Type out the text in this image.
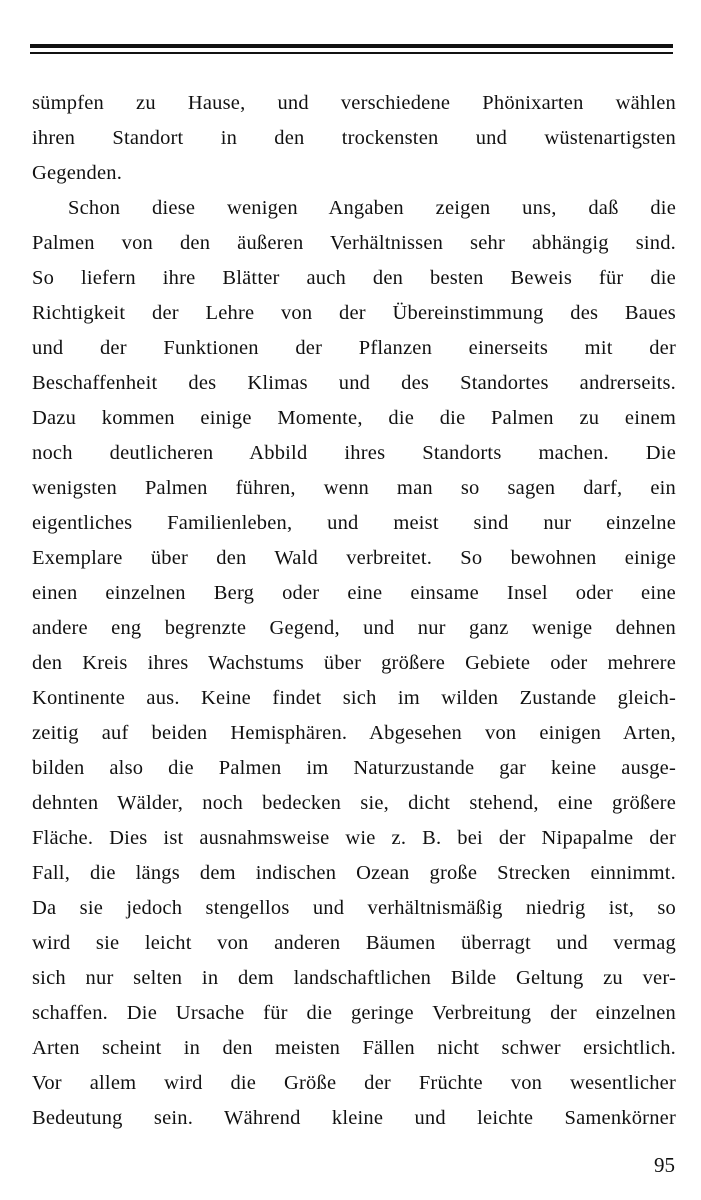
sümpfen zu Hause, und verschiedene Phönixarten wählen
ihren Standort in den trockensten und wüstenartigsten
Gegenden.
Schon diese wenigen Angaben zeigen uns, daß die
Palmen von den äußeren Verhältnissen sehr abhängig sind.
So liefern ihre Blätter auch den besten Beweis für die
Richtigkeit der Lehre von der Übereinstimmung des Baues
und der Funktionen der Pflanzen einerseits mit der
Beschaffenheit des Klimas und des Standortes andrerseits.
Dazu kommen einige Momente, die die Palmen zu einem
noch deutlicheren Abbild ihres Standorts machen. Die
wenigsten Palmen führen, wenn man so sagen darf, ein
eigentliches Familienleben, und meist sind nur einzelne
Exemplare über den Wald verbreitet. So bewohnen einige
einen einzelnen Berg oder eine einsame Insel oder eine
andere eng begrenzte Gegend, und nur ganz wenige dehnen
den Kreis ihres Wachstums über größere Gebiete oder mehrere
Kontinente aus. Keine findet sich im wilden Zustande gleich-
zeitig auf beiden Hemisphären. Abgesehen von einigen Arten,
bilden also die Palmen im Naturzustande gar keine ausge-
dehnten Wälder, noch bedecken sie, dicht stehend, eine größere
Fläche. Dies ist ausnahmsweise wie z. B. bei der Nipapalme der
Fall, die längs dem indischen Ozean große Strecken einnimmt.
Da sie jedoch stengellos und verhältnismäßig niedrig ist, so
wird sie leicht von anderen Bäumen überragt und vermag
sich nur selten in dem landschaftlichen Bilde Geltung zu ver-
schaffen. Die Ursache für die geringe Verbreitung der einzelnen
Arten scheint in den meisten Fällen nicht schwer ersichtlich.
Vor allem wird die Größe der Früchte von wesentlicher
Bedeutung sein. Während kleine und leichte Samenkörner
95
